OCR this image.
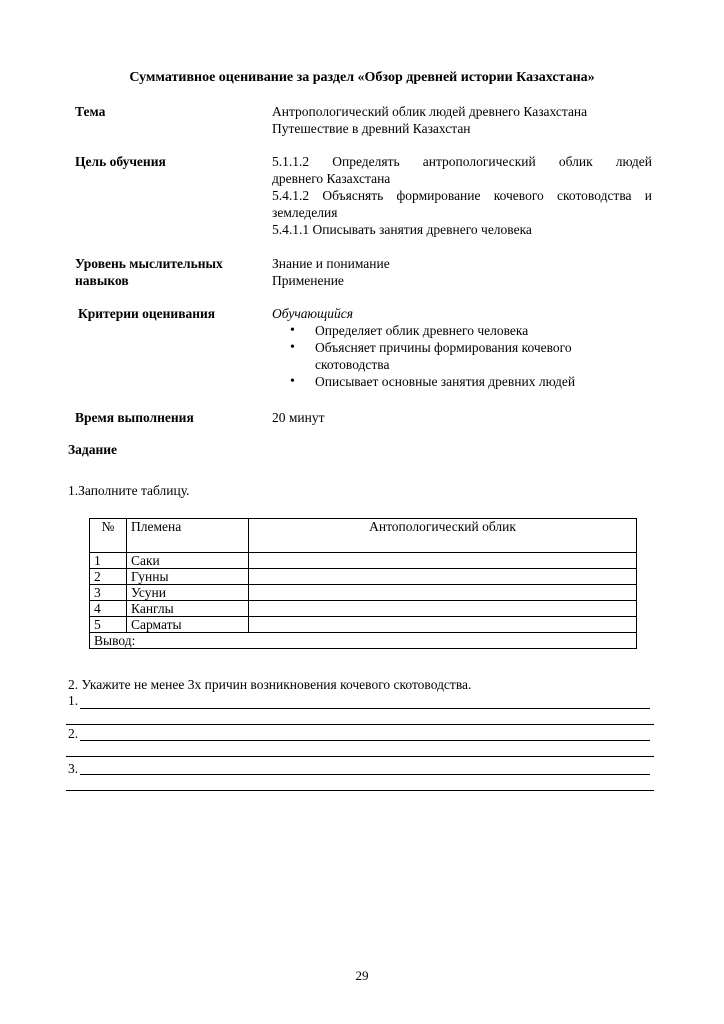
Суммативное оценивание за раздел «Обзор древней истории Казахстана»
Тема	Антропологический облик людей древнего Казахстана
Путешествие в древний Казахстан
Цель обучения	5.1.1.2 Определять антропологический облик людей
древнего Казахстана
5.4.1.2 Объяснять формирование кочевого скотоводства и
земледелия
5.4.1.1 Описывать занятия древнего человека
Уровень мыслительных
навыков
Знание и понимание
Применение
Критерии оценивания	Обучающийся
• Определяет облик древнего человека
• Объясняет причины формирования кочевого скотоводства
• Описывает основные занятия древних людей
Время выполнения	20 минут
Задание
1.Заполните таблицу.
№	Племена	Антопологический облик
1	Саки	
2	Гунны	
3	Усуни	
4	Канглы	
5	Сарматы	
Вывод:		
2. Укажите не менее 3х причин возникновения кочевого скотоводства.
1.
2.
3.
29
